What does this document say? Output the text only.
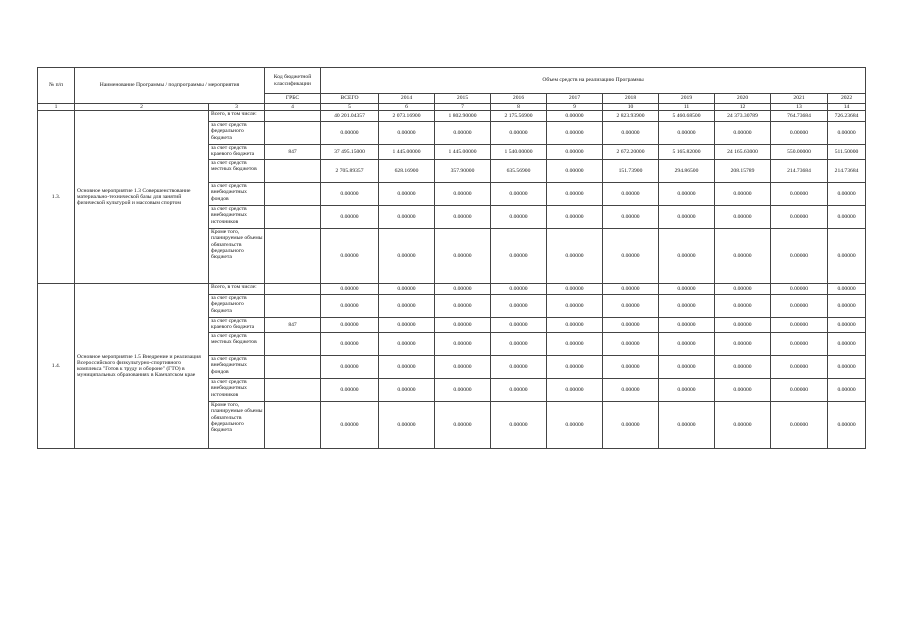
№ п/п	Наименование Программы / подпрограммы / мероприятия		Код бюджетной классификации	Объем средств на реализацию Программы									
			ГРБС	ВСЕГО	2014	2015	2016	2017	2018	2019	2020	2021	2022
1	2	3	4	5	6	7	8	9	10	11	12	13	14
1.3.	Основное мероприятие 1.3 Совершенствование материально-технической базы для занятий физической культурой и массовым спортом	Всего, в том числе:		40 201.04357	2 073.16900	1 802.90000	2 175.56900	0.00000	2 823.93900	5 460.68500	24 373.30789	764.73684	726.23684
		за счет средств федерального бюджета		0.00000	0.00000	0.00000	0.00000	0.00000	0.00000	0.00000	0.00000	0.00000	0.00000
		за счет средств краевого бюджета	847	37 495.15000	1 445.00000	1 445.00000	1 540.00000	0.00000	2 672.20000	5 165.82000	24 165.63000	550.00000	511.50000
		за счет средств местных бюджетов		2 705.89357	628.16900	357.90000	635.56900	0.00000	151.73900	294.86500	208.15789	214.73684	214.73684
		за счет средств внебюджетных фондов		0.00000	0.00000	0.00000	0.00000	0.00000	0.00000	0.00000	0.00000	0.00000	0.00000
		за счет средств внебюджетных источников		0.00000	0.00000	0.00000	0.00000	0.00000	0.00000	0.00000	0.00000	0.00000	0.00000
		Кроме того, планируемые объемы обязательств федерального бюджета		0.00000	0.00000	0.00000	0.00000	0.00000	0.00000	0.00000	0.00000	0.00000	0.00000
1.4.	Основное мероприятие 1.5 Внедрение и реализация Всероссийского физкультурно-спортивного комплекса "Готов к труду и обороне" (ГТО) в муниципальных образованиях в Камчатском крае	Всего, в том числе:		0.00000	0.00000	0.00000	0.00000	0.00000	0.00000	0.00000	0.00000	0.00000	0.00000
		за счет средств федерального бюджета		0.00000	0.00000	0.00000	0.00000	0.00000	0.00000	0.00000	0.00000	0.00000	0.00000
		за счет средств краевого бюджета	847	0.00000	0.00000	0.00000	0.00000	0.00000	0.00000	0.00000	0.00000	0.00000	0.00000
		за счет средств местных бюджетов		0.00000	0.00000	0.00000	0.00000	0.00000	0.00000	0.00000	0.00000	0.00000	0.00000
		за счет средств внебюджетных фондов		0.00000	0.00000	0.00000	0.00000	0.00000	0.00000	0.00000	0.00000	0.00000	0.00000
		за счет средств внебюджетных источников		0.00000	0.00000	0.00000	0.00000	0.00000	0.00000	0.00000	0.00000	0.00000	0.00000
		Кроме того, планируемые объемы обязательств федерального бюджета		0.00000	0.00000	0.00000	0.00000	0.00000	0.00000	0.00000	0.00000	0.00000	0.00000
